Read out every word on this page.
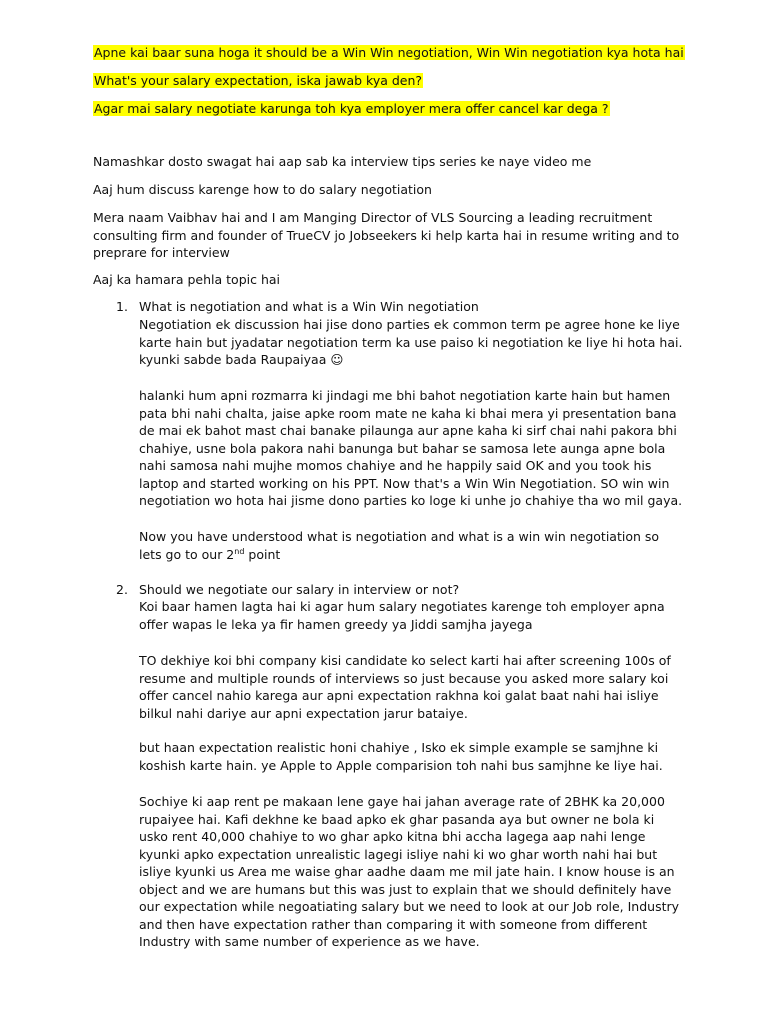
Apne kai baar suna hoga it should be a Win Win negotiation, Win Win negotiation kya hota hai
What's your salary expectation, iska jawab kya den?
Agar mai salary negotiate karunga toh kya employer mera offer cancel kar dega ?

Namashkar dosto swagat hai aap sab ka interview tips series ke naye video me

Aaj hum discuss karenge how to do salary negotiation

Mera naam Vaibhav hai and I am Manging Director of VLS Sourcing a leading recruitment consulting firm and founder of TrueCV jo Jobseekers ki help karta hai in resume writing and to preprare for interview

Aaj ka hamara pehla topic hai

1. What is negotiation and what is a Win Win negotiation

Negotiation ek discussion hai jise dono parties ek common term pe agree hone ke liye karte hain but jyadatar negotiation term ka use paiso ki negotiation ke liye hi hota hai. kyunki sabde bada Raupaiyaa ☺

halanki hum apni rozmarra ki jindagi me bhi bahot negotiation karte hain but hamen pata bhi nahi chalta, jaise apke room mate ne kaha ki bhai mera yi presentation bana de mai ek bahot mast chai banake pilaunga aur apne kaha ki sirf chai nahi pakora bhi chahiye, usne bola pakora nahi banunga but bahar se samosa lete aunga apne bola nahi samosa nahi mujhe momos chahiye and he happily said OK and you took his laptop and started working on his PPT. Now that's a Win Win Negotiation. SO win win negotiation wo hota hai jisme dono parties ko loge ki unhe jo chahiye tha wo mil gaya.

Now you have understood what is negotiation and what is a win win negotiation so lets go to our 2nd point

2. Should we negotiate our salary in interview or not?

Koi baar hamen lagta hai ki agar hum salary negotiates karenge toh employer apna offer wapas le leka ya fir hamen greedy ya Jiddi samjha jayega

TO dekhiye koi bhi company kisi candidate ko select karti hai after screening 100s of resume and multiple rounds of interviews so just because you asked more salary koi offer cancel nahio karega aur apni expectation rakhna koi galat baat nahi hai isliye bilkul nahi dariye aur apni expectation jarur bataiye.

but haan expectation realistic honi chahiye , Isko ek simple example se samjhne ki koshish karte hain. ye Apple to Apple comparision toh nahi bus samjhne ke liye hai.

Sochiye ki aap rent pe makaan lene gaye hai jahan average rate of 2BHK ka 20,000 rupaiyee hai. Kafi dekhne ke baad apko ek ghar pasanda aya but owner ne bola ki usko rent 40,000 chahiye to wo ghar apko kitna bhi accha lagega aap nahi lenge kyunki apko expectation unrealistic lagegi isliye nahi ki wo ghar worth nahi hai but isliye kyunki us Area me waise ghar aadhe daam me mil jate hain. I know house is an object and we are humans but this was just to explain that we should definitely have our expectation while negoatiating salary but we need to look at our Job role, Industry and then have expectation rather than comparing it with someone from different Industry with same number of experience as we have.
